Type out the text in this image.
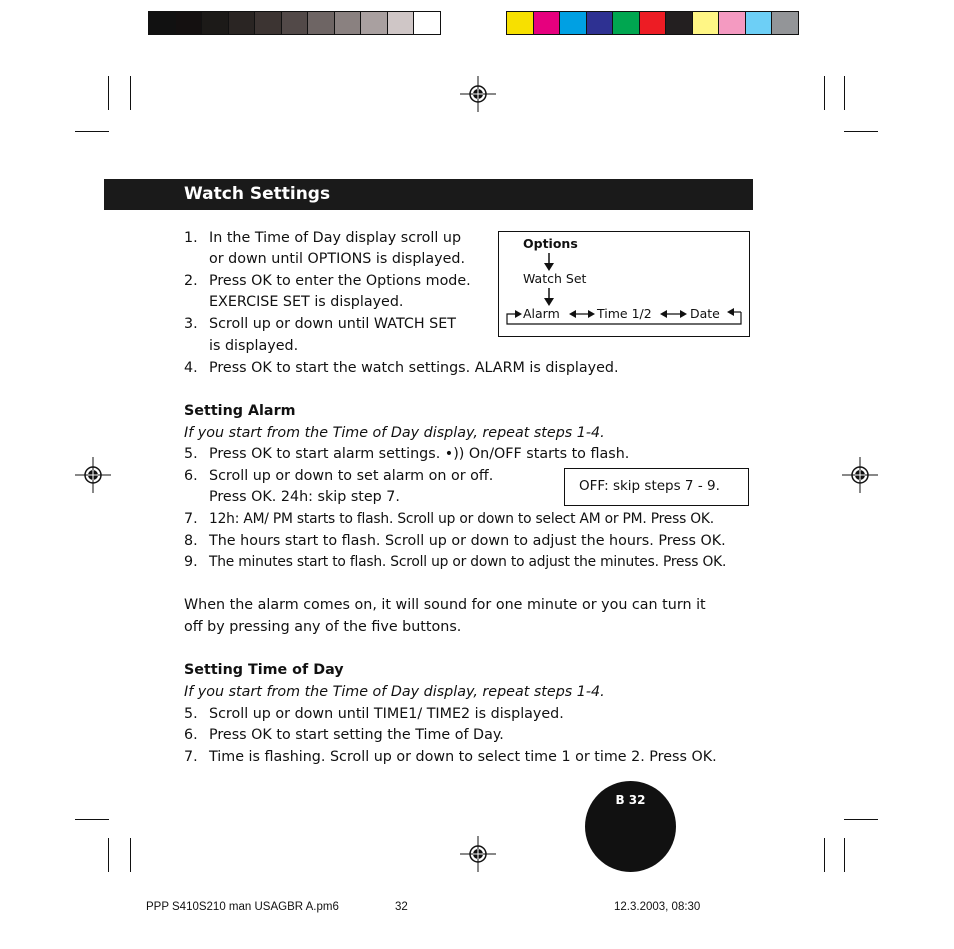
Watch Settings
1. In the Time of Day display scroll up
or down until OPTIONS is displayed.
2. Press OK to enter the Options mode.
EXERCISE SET is displayed.
3. Scroll up or down until WATCH SET
is displayed.
4. Press OK to start the watch settings. ALARM is displayed.
Options
Watch Set
Alarm	Time 1/2	Date
Setting Alarm
If you start from the Time of Day display, repeat steps 1-4.
5. Press OK to start alarm settings. •)) On/OFF starts to flash.
6. Scroll up or down to set alarm on or off.
Press OK. 24h: skip step 7.
7. 12h: AM/ PM starts to flash. Scroll up or down to select AM or PM. Press OK.
8. The hours start to flash. Scroll up or down to adjust the hours. Press OK.
9. The minutes start to flash. Scroll up or down to adjust the minutes. Press OK.
OFF: skip steps 7 - 9.
When the alarm comes on, it will sound for one minute or you can turn it
off by pressing any of the five buttons.
Setting Time of Day
If you start from the Time of Day display, repeat steps 1-4.
5. Scroll up or down until TIME1/ TIME2 is displayed.
6. Press OK to start setting the Time of Day.
7. Time is flashing. Scroll up or down to select time 1 or time 2. Press OK.
B 32
PPP S410S210 man USAGBR A.pm6	32	12.3.2003, 08:30
